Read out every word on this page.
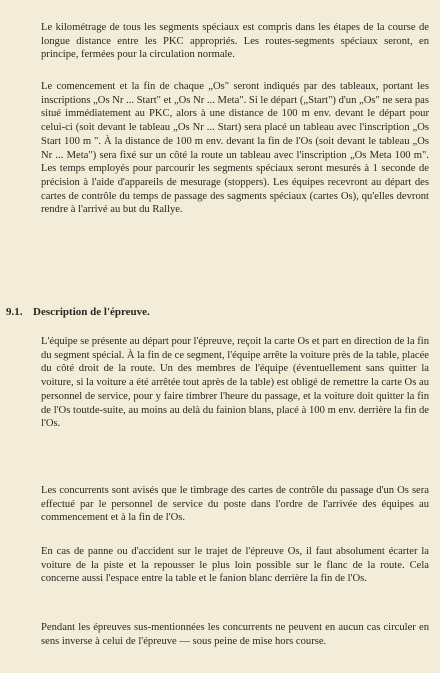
Le kilométrage de tous les segments spéciaux est compris dans les étapes de la course de longue distance entre les PKC appropriés. Les routes-segments spéciaux seront, en principe, fermées pour la circulation normale.

Le comencement et la fin de chaque „Os" seront indiqués par des tableaux, portant les inscriptions „Os Nr ... Start" et „Os Nr ... Meta". Si le départ („Start") d'un „Os" ne sera pas situé immédiatement au PKC, alors à une distance de 100 m env. devant le départ pour celui-ci (soit devant le tableau „Os Nr ... Start) sera placé un tableau avec l'inscription „Os Start 100 m ". À la distance de 100 m env. devant la fin de l'Os (soit devant le tableau „Os Nr ... Meta") sera fixé sur un côté la route un tableau avec l'inscription „Os Meta 100 m". Les temps employés pour parcourir les segments spéciaux seront mesurés à 1 seconde de précision à l'aide d'appareils de mesurage (stoppers). Les équipes recevront au départ des cartes de contrôle du temps de passage des sagments spéciaux (cartes Os), qu'elles devront rendre à l'arrivé au but du Rallye.

9.1. Description de l'épreuve.

L'équipe se présente au départ pour l'épreuve, reçoit la carte Os et part en direction de la fin du segment spécial. À la fin de ce segment, l'équipe arrête la voiture près de la table, placée du côté droit de la route. Un des membres de l'équipe (éventuellement sans quitter la voiture, si la voiture a été arrêtée tout après de la table) est obligé de remettre la carte Os au personnel de service, pour y faire timbrer l'heure du passage, et la voiture doit quitter la fin de l'Os toutde-suite, au moins au delà du fainion blans, placé à 100 m env. derrière la fin de l'Os.

Les concurrents sont avisés que le timbrage des cartes de contrôle du passage d'un Os sera effectué par le personnel de service du poste dans l'ordre de l'arrivée des équipes au commencement et à la fin de l'Os.

En cas de panne ou d'accident sur le trajet de l'épreuve Os, il faut absolument écarter la voiture de la piste et la repousser le plus loin possible sur le flanc de la route. Cela concerne aussi l'espace entre la table et le fanion blanc derrière la fin de l'Os.

Pendant les épreuves sus-mentionnées les concurrents ne peuvent en aucun cas circuler en sens inverse à celui de l'épreuve — sous peine de mise hors course.
